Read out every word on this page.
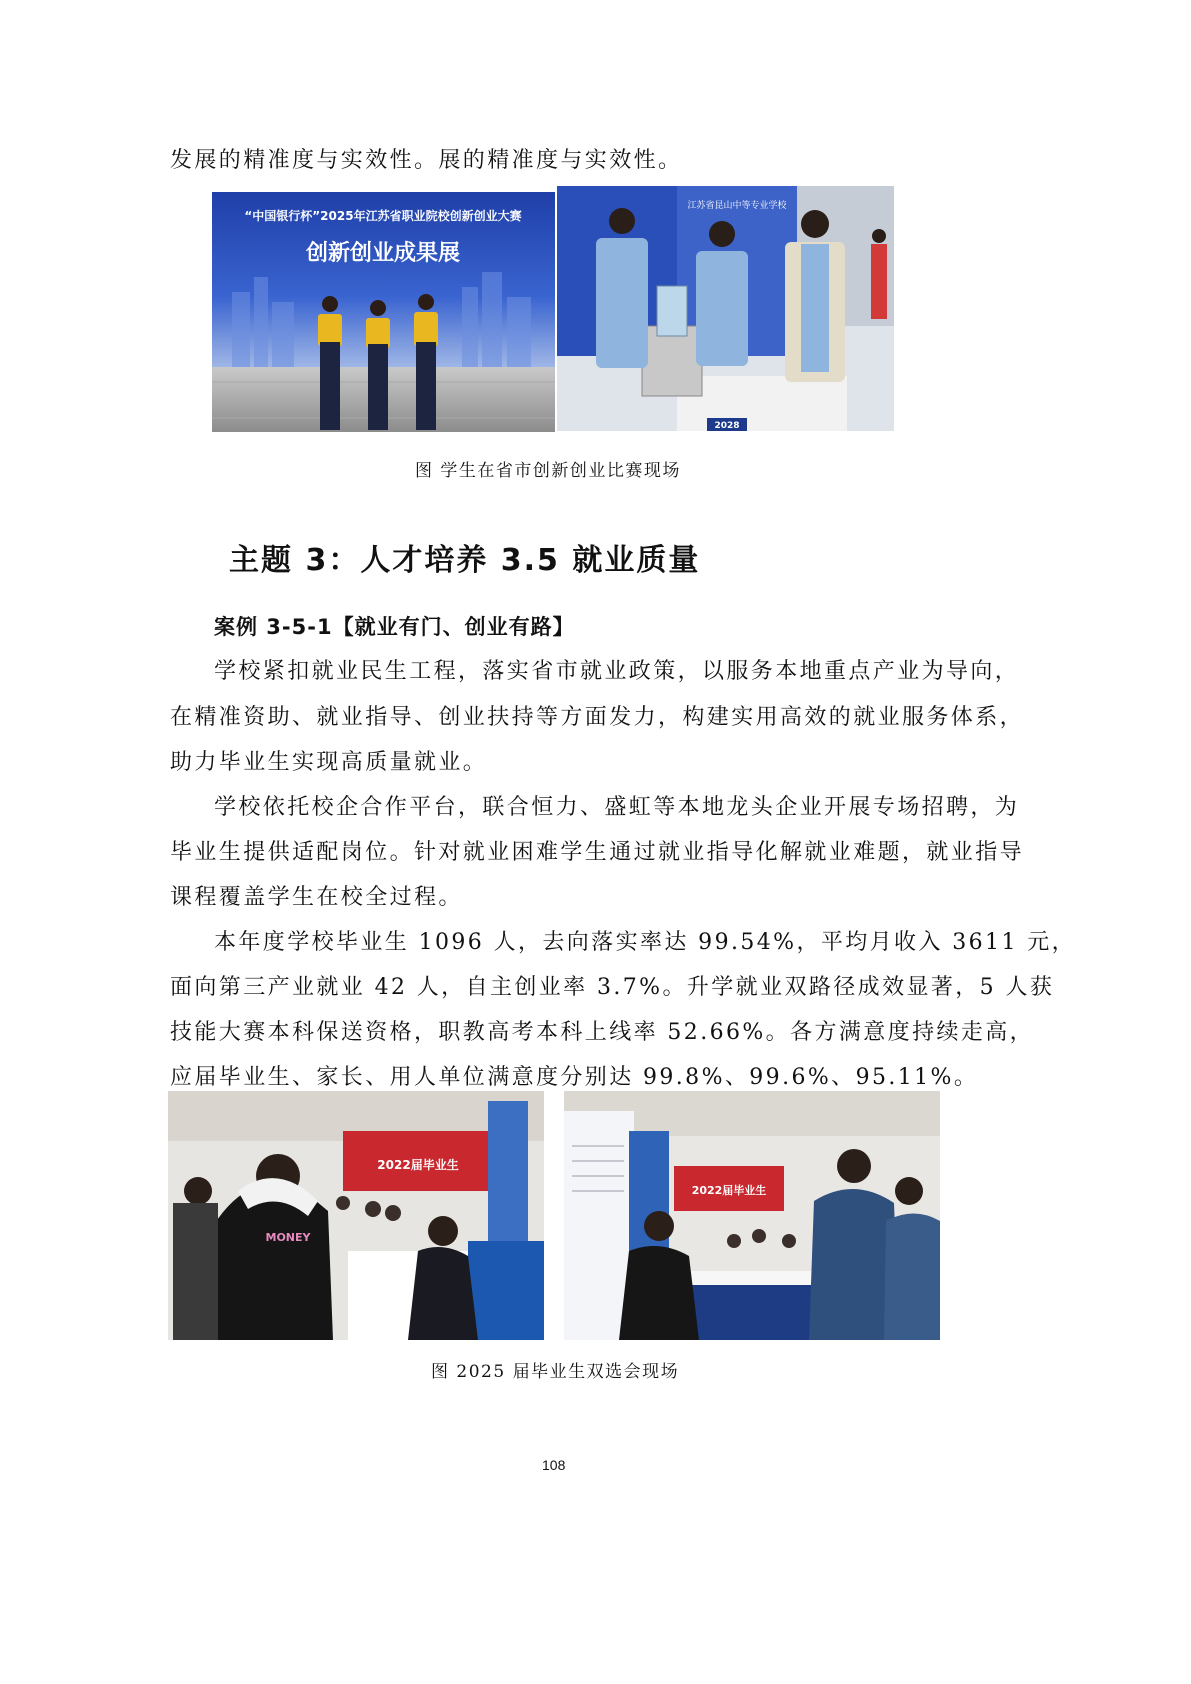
发展的精准度与实效性。展的精准度与实效性。
“中国银行杯”2025年江苏省职业院校创新创业大赛
创新创业成果展
江苏省昆山中等专业学校
2028
图 学生在省市创新创业比赛现场
主题 3：人才培养 3.5 就业质量
案例 3-5-1【就业有门、创业有路】
学校紧扣就业民生工程，落实省市就业政策，以服务本地重点产业为导向，
在精准资助、就业指导、创业扶持等方面发力，构建实用高效的就业服务体系，
助力毕业生实现高质量就业。
学校依托校企合作平台，联合恒力、盛虹等本地龙头企业开展专场招聘，为
毕业生提供适配岗位。针对就业困难学生通过就业指导化解就业难题，就业指导
课程覆盖学生在校全过程。
本年度学校毕业生 1096 人，去向落实率达 99.54%，平均月收入 3611 元，
面向第三产业就业 42 人，自主创业率 3.7%。升学就业双路径成效显著，5 人获
技能大赛本科保送资格，职教高考本科上线率 52.66%。各方满意度持续走高，
应届毕业生、家长、用人单位满意度分别达 99.8%、99.6%、95.11%。
2022届毕业生
MONEY
2022届毕业生
图 2025 届毕业生双选会现场
108
